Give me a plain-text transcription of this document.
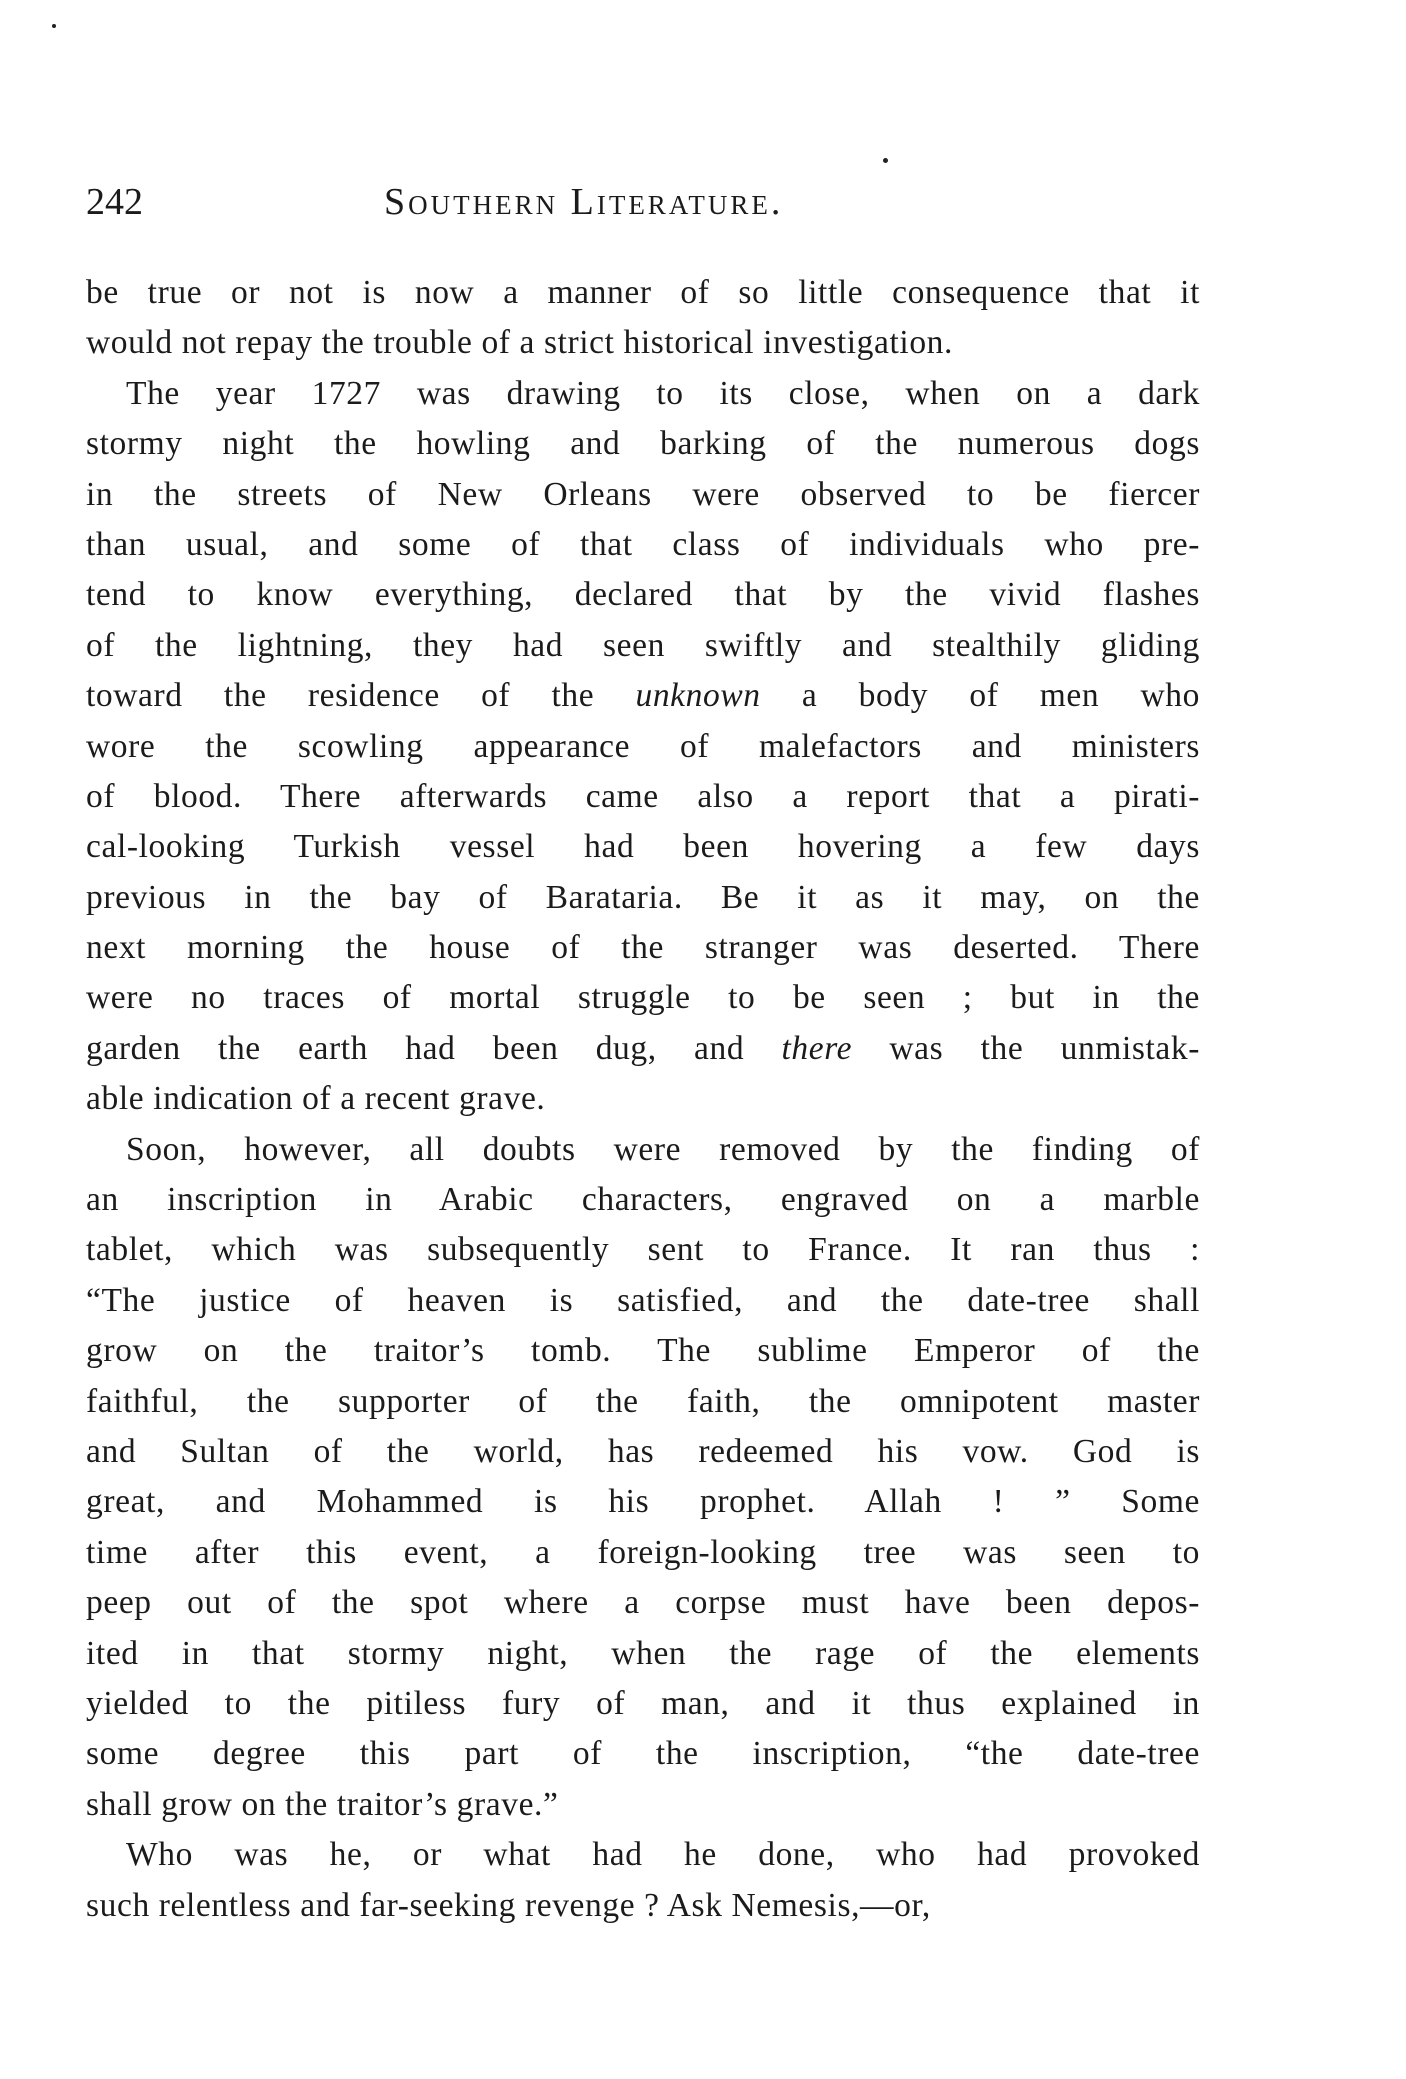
242	Southern Literature.
be true or not is now a manner of so little consequence that it
would not repay the trouble of a strict historical investigation.
The year 1727 was drawing to its close, when on a dark
stormy night the howling and barking of the numerous dogs
in the streets of New Orleans were observed to be fiercer
than usual, and some of that class of individuals who pre-
tend to know everything, declared that by the vivid flashes
of the lightning, they had seen swiftly and stealthily gliding
toward the residence of the unknown a body of men who
wore the scowling appearance of malefactors and ministers
of blood. There afterwards came also a report that a pirati-
cal-looking Turkish vessel had been hovering a few days
previous in the bay of Barataria. Be it as it may, on the
next morning the house of the stranger was deserted. There
were no traces of mortal struggle to be seen ; but in the
garden the earth had been dug, and there was the unmistak-
able indication of a recent grave.
Soon, however, all doubts were removed by the finding of
an inscription in Arabic characters, engraved on a marble
tablet, which was subsequently sent to France. It ran thus :
“The justice of heaven is satisfied, and the date-tree shall
grow on the traitor’s tomb. The sublime Emperor of the
faithful, the supporter of the faith, the omnipotent master
and Sultan of the world, has redeemed his vow. God is
great, and Mohammed is his prophet. Allah ! ” Some
time after this event, a foreign-looking tree was seen to
peep out of the spot where a corpse must have been depos-
ited in that stormy night, when the rage of the elements
yielded to the pitiless fury of man, and it thus explained in
some degree this part of the inscription, “the date-tree
shall grow on the traitor’s grave.”
Who was he, or what had he done, who had provoked
such relentless and far-seeking revenge ? Ask Nemesis,—or,
